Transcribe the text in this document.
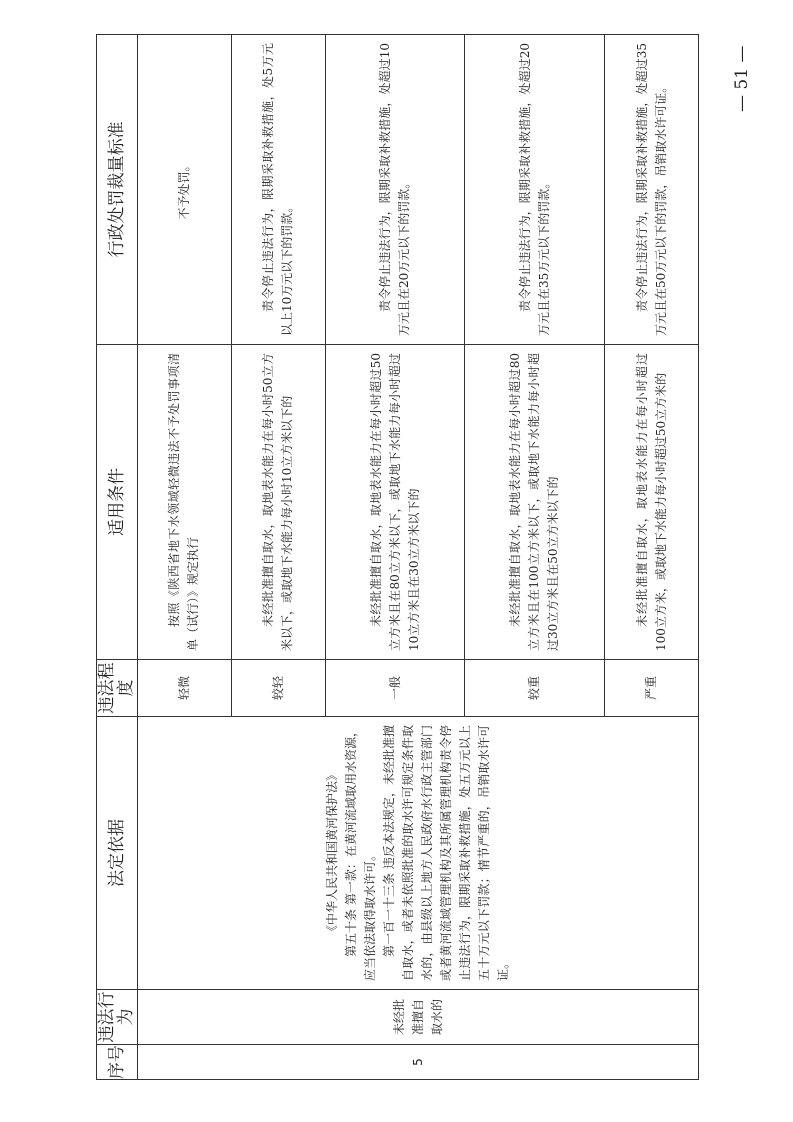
序号	违法行为	法定依据	违法程度	适用条件	行政处罚裁量标准
5	未经批准擅自取水的	《中华人民共和国黄河保护法》 第五十条 第一款：在黄河流域取用水资源，应当依法取得取水许可。 第一百一十三条 违反本法规定，未经批准擅自取水，或者未依照批准的取水许可规定条件取水的，由县级以上地方人民政府水行政主管部门或者黄河流域管理机构及其所属管理机构责令停止违法行为，限期采取补救措施，处五万元以上五十万元以下罚款；情节严重的，吊销取水许可证。	轻微	按照《陕西省地下水领域轻微违法不予处罚事项清单（试行）》规定执行	不予处罚。
			较轻	未经批准擅自取水，取地表水能力在每小时50立方米以下，或取地下水能力每小时10立方米以下的	责令停止违法行为，限期采取补救措施，处5万元以上10万元以下的罚款。
			一般	未经批准擅自取水，取地表水能力在每小时超过50立方米且在80立方米以下，或取地下水能力每小时超过10立方米且在30立方米以下的	责令停止违法行为，限期采取补救措施，处超过10万元且在20万元以下的罚款。
			较重	未经批准擅自取水，取地表水能力在每小时超过80立方米且在100立方米以下，或取地下水能力每小时超过30立方米且在50立方米以下的	责令停止违法行为，限期采取补救措施，处超过20万元且在35万元以下的罚款。
			严重	未经批准擅自取水，取地表水能力在每小时超过100立方米，或取地下水能力每小时超过50立方米的	责令停止违法行为，限期采取补救措施，处超过35万元且在50万元以下的罚款，吊销取水许可证。
— 51 —
